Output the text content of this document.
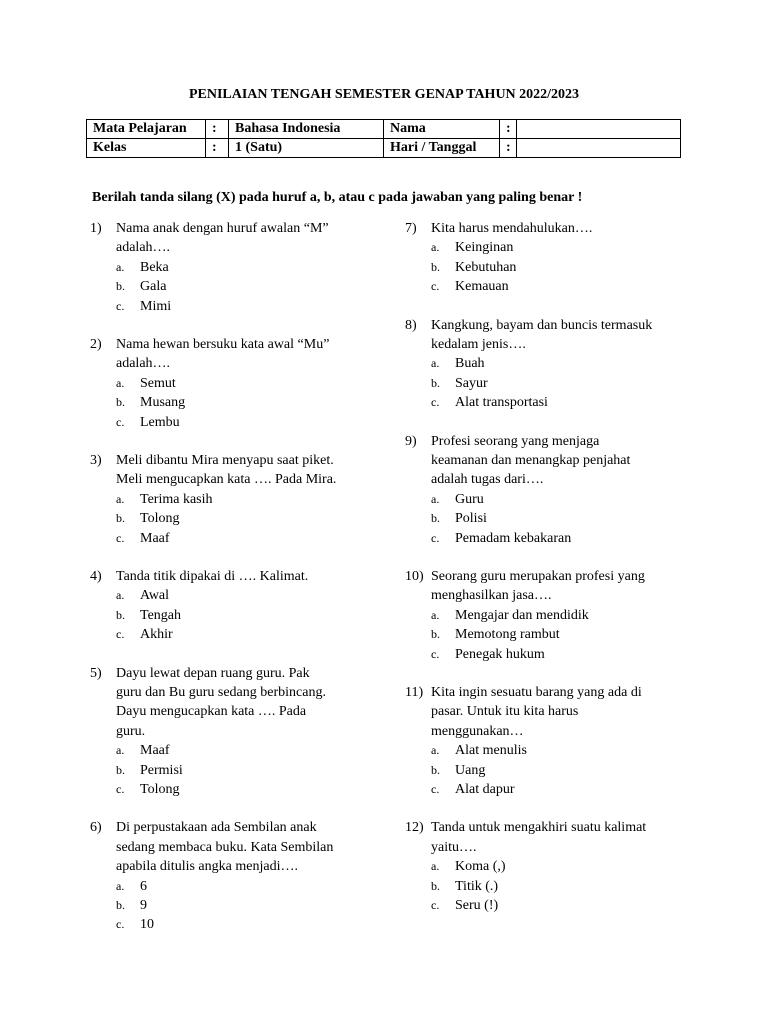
PENILAIAN TENGAH SEMESTER GENAP TAHUN 2022/2023
Mata Pelajaran	:	Bahasa Indonesia	Nama	:	
Kelas	:	1 (Satu)	Hari / Tanggal	:	
Berilah tanda silang (X) pada huruf a, b, atau c pada jawaban yang paling benar !
1) Nama anak dengan huruf awalan “M”
adalah….
a. Beka
b. Gala
c. Mimi
2) Nama hewan bersuku kata awal “Mu”
adalah….
a. Semut
b. Musang
c. Lembu
3) Meli dibantu Mira menyapu saat piket.
Meli mengucapkan kata …. Pada Mira.
a. Terima kasih
b. Tolong
c. Maaf
4) Tanda titik dipakai di …. Kalimat.
a. Awal
b. Tengah
c. Akhir
5) Dayu lewat depan ruang guru. Pak
guru dan Bu guru sedang berbincang.
Dayu mengucapkan kata …. Pada
guru.
a. Maaf
b. Permisi
c. Tolong
6) Di perpustakaan ada Sembilan anak
sedang membaca buku. Kata Sembilan
apabila ditulis angka menjadi….
a. 6
b. 9
c. 10
7) Kita harus mendahulukan….
a. Keinginan
b. Kebutuhan
c. Kemauan
8) Kangkung, bayam dan buncis termasuk
kedalam jenis….
a. Buah
b. Sayur
c. Alat transportasi
9) Profesi seorang yang menjaga
keamanan dan menangkap penjahat
adalah tugas dari….
a. Guru
b. Polisi
c. Pemadam kebakaran
10) Seorang guru merupakan profesi yang
menghasilkan jasa….
a. Mengajar dan mendidik
b. Memotong rambut
c. Penegak hukum
11) Kita ingin sesuatu barang yang ada di
pasar. Untuk itu kita harus
menggunakan…
a. Alat menulis
b. Uang
c. Alat dapur
12) Tanda untuk mengakhiri suatu kalimat
yaitu….
a. Koma (,)
b. Titik (.)
c. Seru (!)
